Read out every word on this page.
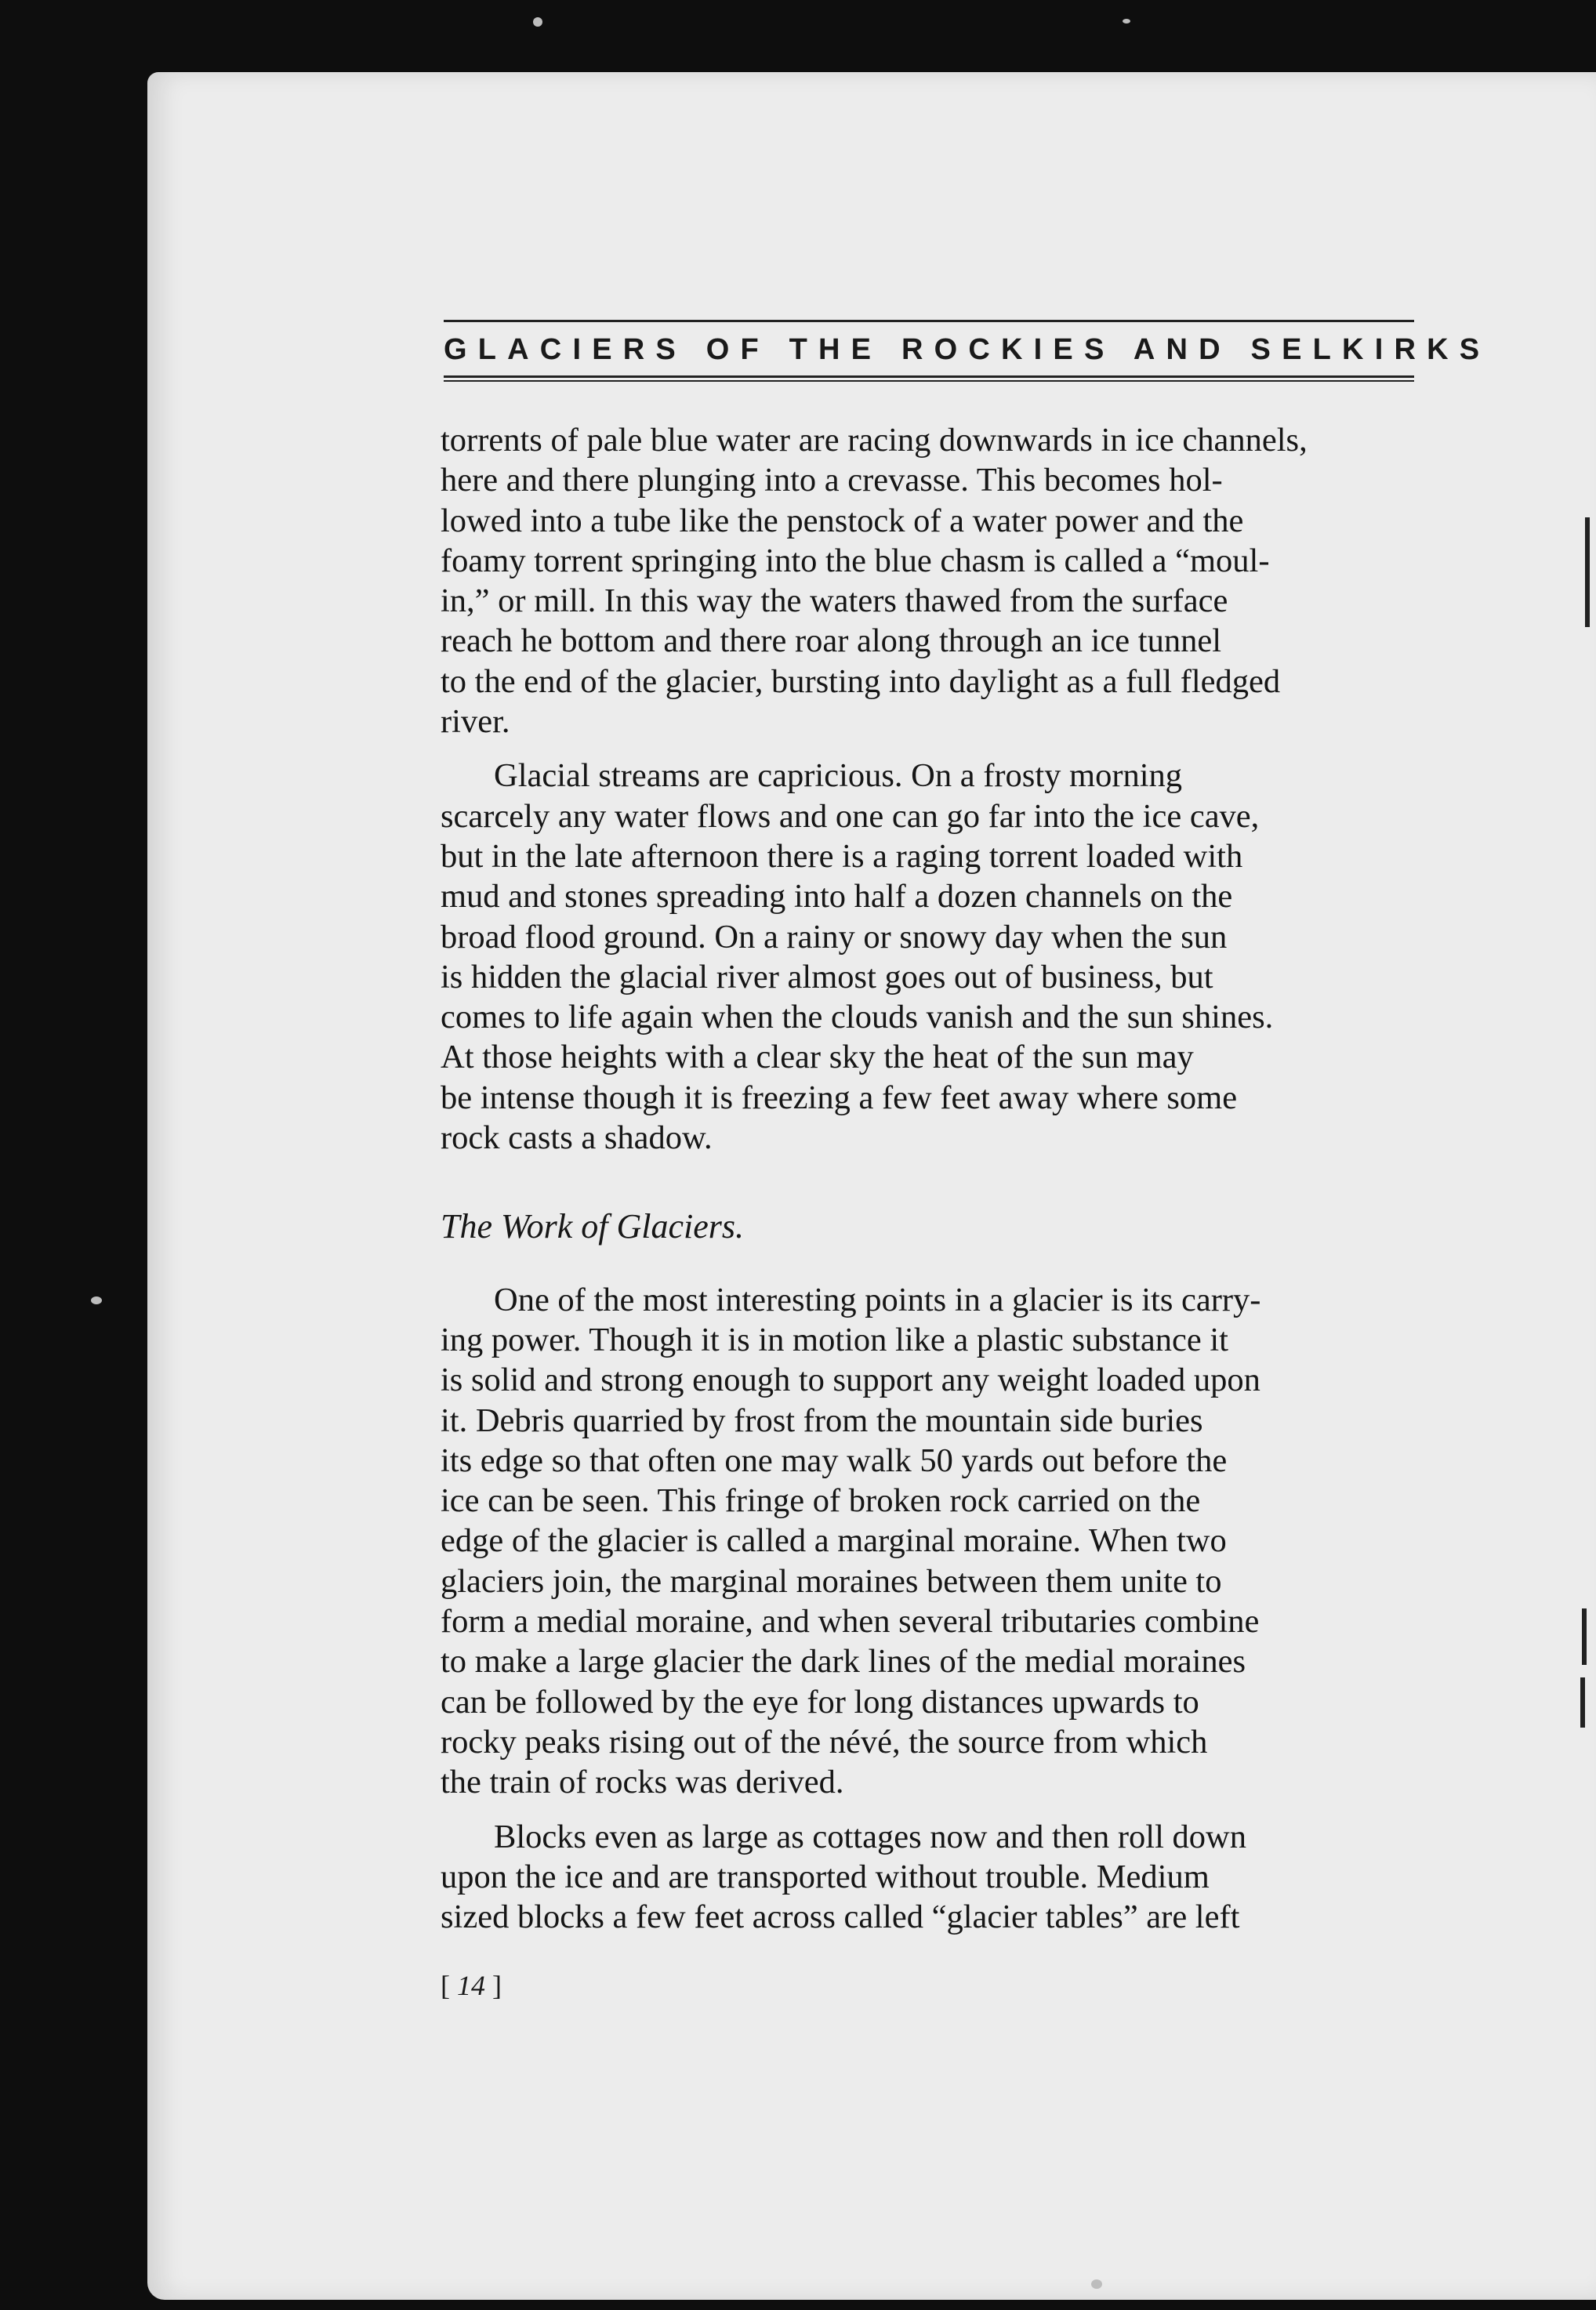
GLACIERS OF THE ROCKIES AND SELKIRKS

torrents of pale blue water are racing downwards in ice channels,
here and there plunging into a crevasse. This becomes hol-
lowed into a tube like the penstock of a water power and the
foamy torrent springing into the blue chasm is called a “moul-
in,” or mill. In this way the waters thawed from the surface
reach he bottom and there roar along through an ice tunnel
to the end of the glacier, bursting into daylight as a full fledged
river.

Glacial streams are capricious. On a frosty morning
scarcely any water flows and one can go far into the ice cave,
but in the late afternoon there is a raging torrent loaded with
mud and stones spreading into half a dozen channels on the
broad flood ground. On a rainy or snowy day when the sun
is hidden the glacial river almost goes out of business, but
comes to life again when the clouds vanish and the sun shines.
At those heights with a clear sky the heat of the sun may
be intense though it is freezing a few feet away where some
rock casts a shadow.

The Work of Glaciers.

One of the most interesting points in a glacier is its carry-
ing power. Though it is in motion like a plastic substance it
is solid and strong enough to support any weight loaded upon
it. Debris quarried by frost from the mountain side buries
its edge so that often one may walk 50 yards out before the
ice can be seen. This fringe of broken rock carried on the
edge of the glacier is called a marginal moraine. When two
glaciers join, the marginal moraines between them unite to
form a medial moraine, and when several tributaries combine
to make a large glacier the dark lines of the medial moraines
can be followed by the eye for long distances upwards to
rocky peaks rising out of the névé, the source from which
the train of rocks was derived.

Blocks even as large as cottages now and then roll down
upon the ice and are transported without trouble. Medium
sized blocks a few feet across called “glacier tables” are left

[ 14 ]
